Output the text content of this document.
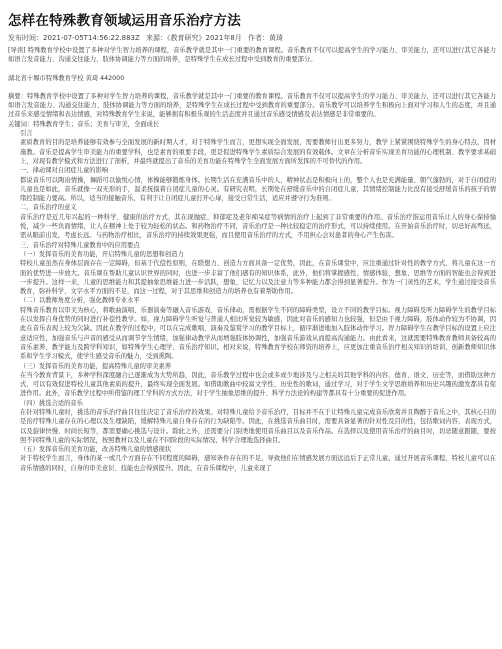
怎样在特殊教育领域运用音乐治疗方法
发布时间：2021-07-05T14:56:22.883Z 来源：《教育研究》2021年8月 作者：黄琦

[导读] 特殊教育学校中设置了多种对学生智力培养的课程，音乐教学就是其中一门重要的教育课程。音乐教育不仅可以提高学生的学习能力、审美能力，还可以进行其它各能力如语言发音能力、沟通交往能力、肢体协调能力等方面的培养，是特殊学生在成长过程中受到教育的重要部分。

湖北省十堰市特殊教育学校 黄琦 442000

摘要：特殊教育学校中设置了多种对学生智力培养的课程，音乐教学就是其中一门重要的教育课程。音乐教育不仅可以提高学生的学习能力、审美能力，还可以进行其它各能力如语言发音能力、沟通交往能力、肢体协调能力等方面的培养，是特殊学生在成长过程中受到教育的重要部分。音乐教学可以培养学生积极向上面对学习和人生的态度，并且通过音乐来感受情绪和表达情感，对特殊教育学生来说，能够拥有积极乐观的生活态度并且通过音乐感受情感及表达情感是非常重要的。

关键词：特殊教育学生；音乐；美育与审美，全面成长

引言

素质教育的目的是培养能够有效参与全面发展的新时期人才，对于特殊学生而言，更想实现全面发展，需要教师付出更多努力，教学上紧紧围绕特殊学生的身心特点，因材施教。音乐是提高学生审美能力的重要学科，也是素育的重要手段，更是促进特殊学生素质综合发展的有效载体。文章在分析音乐实现美育功能的心理机制、教学要求基础上，对现有教学模式和方法进行了剖析，并最终就提出了音乐的美育功能在特殊学生全面发展方面所发挥的不可替代的作用。

一、律动课对自闭症儿童的影响

都说音乐可以陶冶情操，舞蹈可以愉悦心情，体操能够锻炼身体。长期生活在充满音乐中的人，精神状态是积极向上的，整个人也是充满能量、朝气蓬勃的，对于自闭症的儿童也是如此，音乐就像一双无形的手，温柔抚摸着自闭症儿童的心灵。有研究表明，长期处在舒缓音乐中的自闭症儿童，其情绪控制能力比没有接受舒缓音乐的孩子的情绪控制能力要高。所以，适当的接触音乐，有利于让自闭症儿童打开心扉，接受日常生活，适应并遵守行为准则。

二、音乐治疗的意义

音乐治疗是近几年兴起的一种科学、健康的治疗方式，其在现抛症、抑郁症及老年痴呆症等病情的治疗上起到了非常重要的作用。音乐治疗指运用音乐让人的身心保持愉悦，减少一些负面情绪，让人在精神上处于较为轻松的状态。和药物治疗不同，音乐治疗是一种比较稳定的治疗形式，可以持续使用。在开始音乐治疗时，切忌好高骛远，需从眼前出发，考虑长远。与药物治疗相比，音乐治疗的持续效果更强，而且使用音乐治疗的方式，不用担心会对患者的身心产生伤害。

三、音乐治疗对特殊儿童教育中的应用要点

（一）发挥音乐的美育功能，开启特殊儿童的思想和创造力

特校儿童虽然在身体层面存在一定障碍，但基于代偿性原则，在联想力、创造力方面具备一定优势，因此，在音乐课堂中，应注重通过针对性的教学方式，将儿童在这一方面的优势进一步放大。音乐课在帮助儿童认识世界的同时，也进一步丰富了他们感有的知识体系，此外，他们将掌握感性、情感体验、想象、思维等方面的智能也会得到进一步提升。这样一来，儿童的思维能力和其提抽象思维能力进一步活跃，想象、记忆力以及注意力等多种能力都会得到显著提升。作为一门灵性的艺术，学生通过接受音乐教育，弥补科学、文字水平方面的不足，而这一过程，对于其思维和创造力的培养也有着帮助作用。

（二）以教师角度分析，强化教师专业水平

特殊音乐教育以审美为核心，将歌曲演唱、乐器演奏等融入音乐游戏、音乐律动，需根据学生不同的障碍类型，设立不同的教学目标。视力障碍及听力障碍学生的教学目标在以发挥自身优势的同时进行补偿性教学。如，视力障碍学生听觉与普通人相比听觉较为敏感，因此对音乐的感知力也较强，但是由于视力障碍，肢体动作较为不协调，因此在音乐表现上较为欠缺。因此在教学的过程中，可以在完成歌唱、演奏及鉴赏学习的教学目标上，循序渐进地加入肢体动作学习。智力障碍学生在教学目标的设置上应注意适应性，加强音乐与声音的感受从而调节学生情绪，加强律动教学从而增强肢体协调性，加强音乐游戏从而提高沟通能力。由此看来，这就需要特殊教育教师具备较高的音乐素养、教学能力及跨学科知识，如特殊学生心理学、音乐治疗知识。相对来说，特殊教育学校在师资的培养上，应更加注重音乐治疗相关知识的培训，创新教师知识体系和学生学习模式，使学生感受音乐的魅力，受到熏陶。

（三）发挥音乐的美育功能，提高特殊儿童的审美素养

在当今教育背景下，多种学科深度融合已逐渐成为大势所趋，因此，音乐教学过程中也会或多或少地涉及与之相关的其他学科的内容，德育、语文、历史等，而借助这种方式，可以有效促进特校儿童其他素质的提升，最终实现全面发展。如借助歌曲中较富文学性、历史性的歌词，通过学习，对于学生文学思维培养和历史兴趣的激发都具有促进作用。此外，音乐教学过程中所借鉴的理工学科的方式方法，对于学生抽象思维的提升、科学方法论的构建等都具有十分重要的促进作用。

（四）挑选合适的音乐

在针对特殊儿童时，挑选的音乐治疗曲目往往决定了音乐治疗的效果。对特殊儿童给予音乐治疗，目标并不在于让特殊儿童完成音乐欣赏并且陶醉于音乐之中，其核心目的是治疗特殊儿童存在的心理以及生理缺陷，缓解特殊儿童自身存在的行为缺陷等。因此，在挑选音乐曲目时，需要具备显著的针对性及目的性，包括歌词内容、表现方式，以及旋律快慢、时间长短等，都需要确心挑选与设计。除此之外，还需要分门别类地使用音乐曲目以及音乐作品。在选择以及使用音乐治疗的曲目时，切忌随意跟随，要按照不同特殊儿童的实际情况，按照教材以及儿童在不同阶段的实际情况，科学合理地选择曲目。

（五）发挥音乐的美育功能，改善特殊儿童的情感现状

对于特校学生而言，身体的某一或几个方面存在不同程度的障碍，感知条件存在的不足，导致他们在情感发展方面远远后于正常儿童。通过开展音乐课程，特校儿童可以在音乐情感的同时，自身的审美意识、技能也会得到提升。因此，在音乐课程中，儿童来现了
